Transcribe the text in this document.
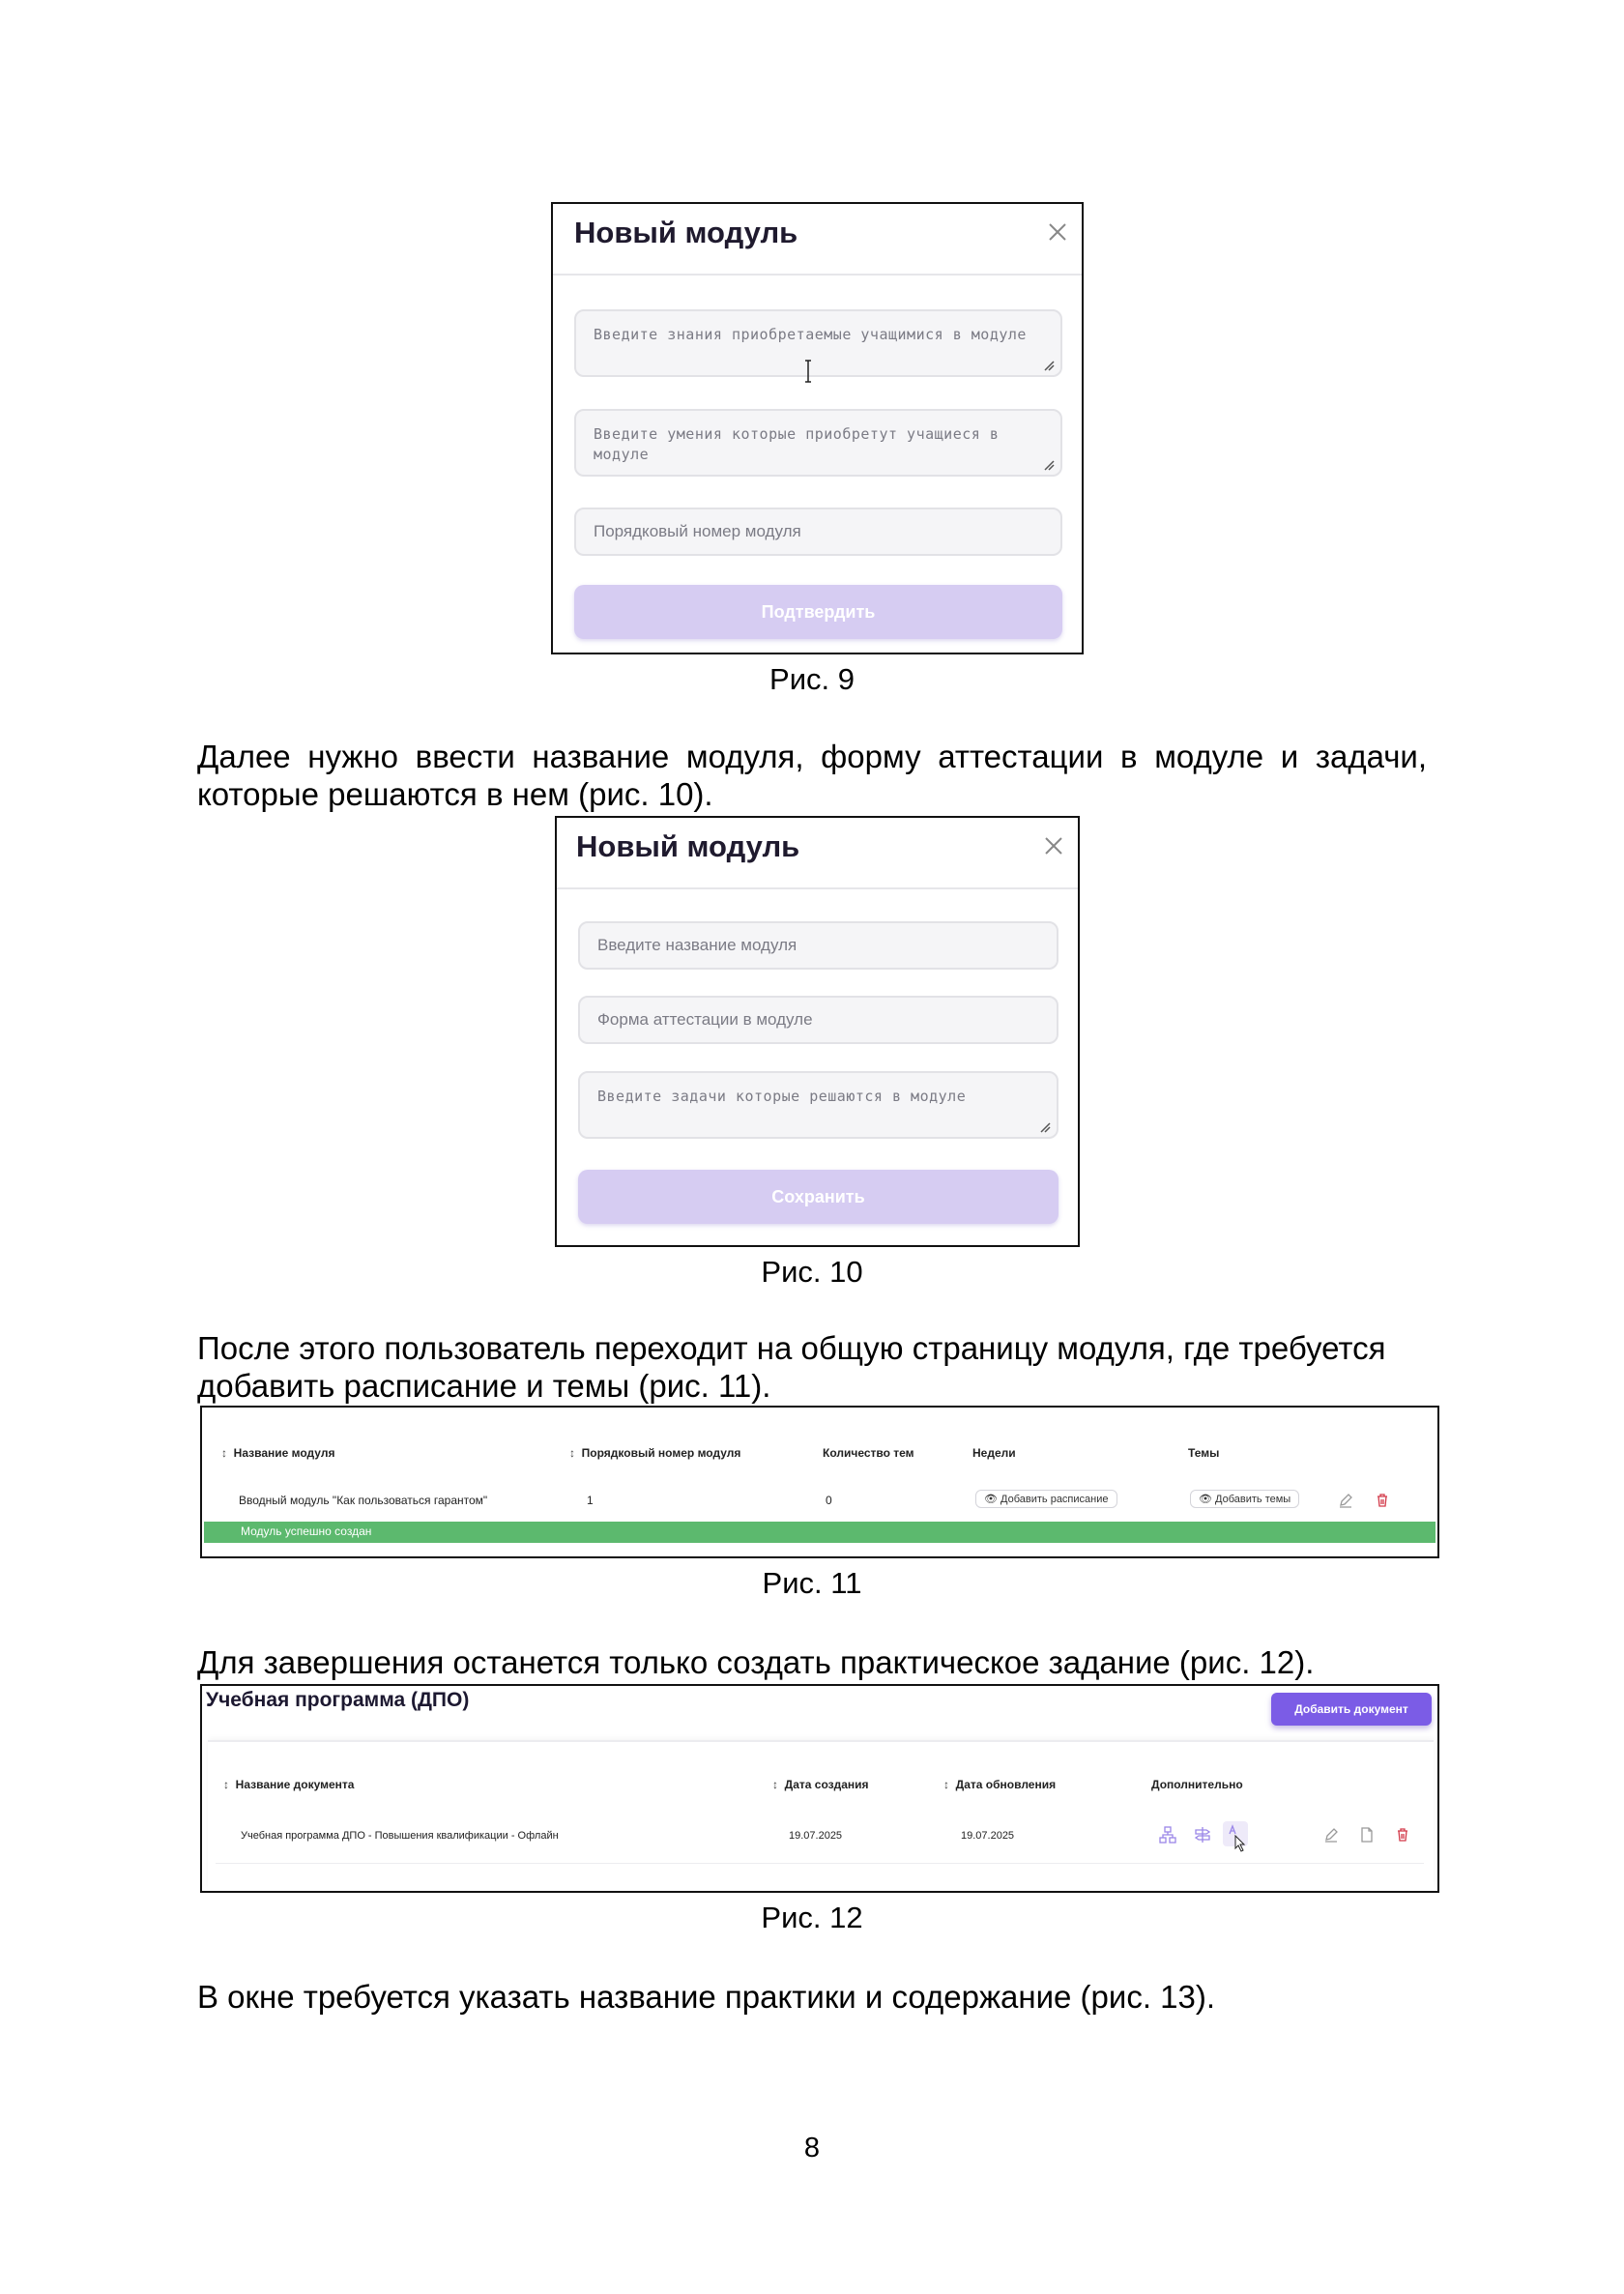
Новый модуль
Введите знания приобретаемые учащимися в модуле
Введите умения которые приобретут учащиеся в модуле
Порядковый номер модуля
Подтвердить
Рис. 9
Далее нужно ввести название модуля, форму аттестации в модуле и задачи, которые решаются в нем (рис. 10).
Новый модуль
Введите название модуля
Форма аттестации в модуле
Введите задачи которые решаются в модуле
Сохранить
Рис. 10
После этого пользователь переходит на общую страницу модуля, где требуется добавить расписание и темы (рис. 11).
↕ Название модуля	↕ Порядковый номер модуля	Количество тем	Недели	Темы
Вводный модуль "Как пользоваться гарантом"	1	0	👁 Добавить расписание	👁 Добавить темы
Модуль успешно создан
Рис. 11
Для завершения останется только создать практическое задание (рис. 12).
Учебная программа (ДПО)	Добавить документ
↕ Название документа	↕ Дата создания	↕ Дата обновления	Дополнительно
Учебная программа ДПО - Повышения квалификации - Офлайн	19.07.2025	19.07.2025
Рис. 12
В окне требуется указать название практики и содержание (рис. 13).
8
